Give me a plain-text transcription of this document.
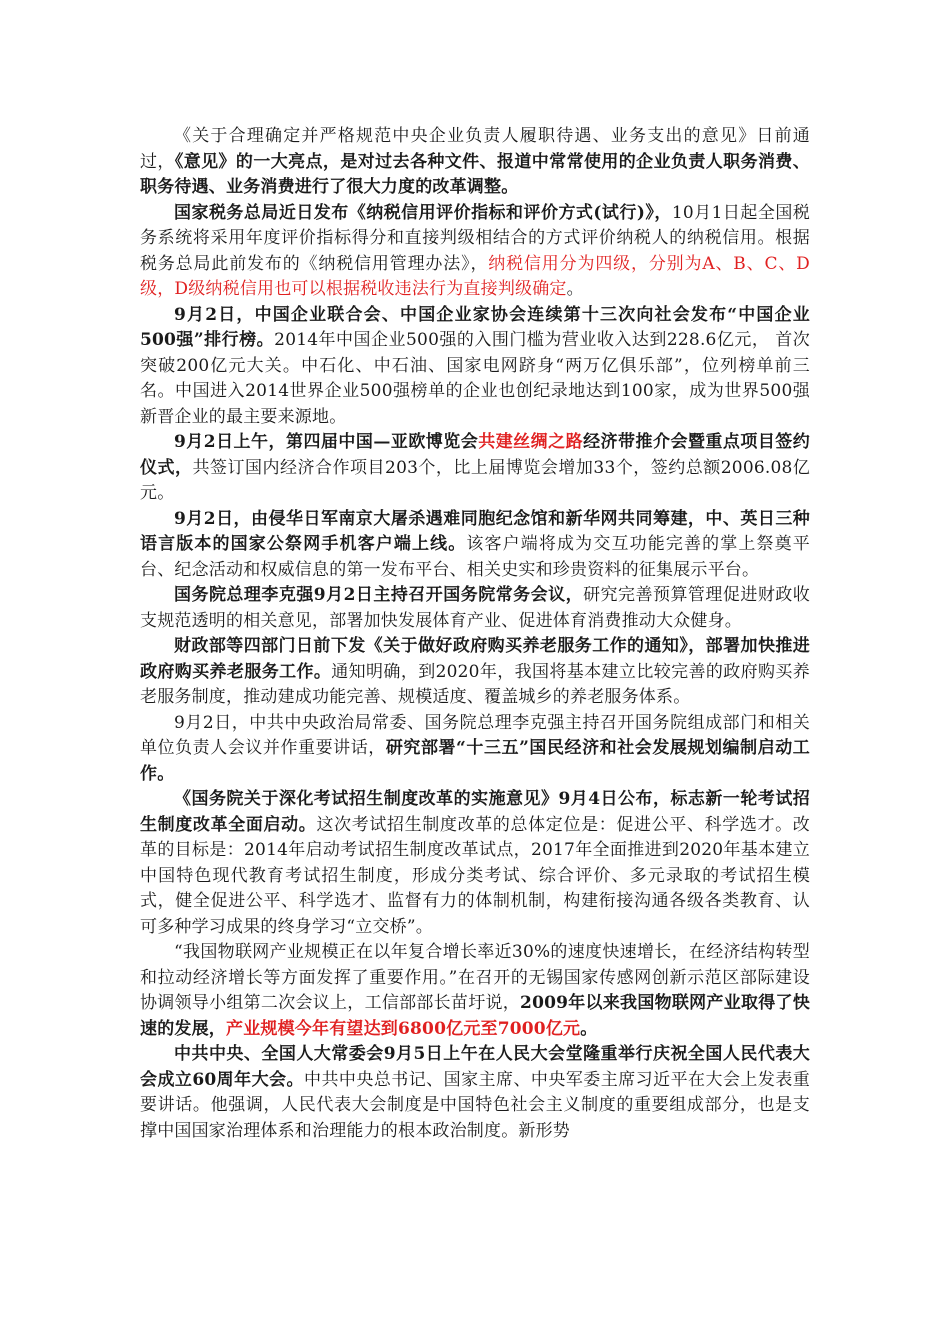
《关于合理确定并严格规范中央企业负责人履职待遇、业务支出的意见》日前通过，《意见》的一大亮点，是对过去各种文件、报道中常常使用的企业负责人职务消费、职务待遇、业务消费进行了很大力度的改革调整。

国家税务总局近日发布《纳税信用评价指标和评价方式(试行)》，10月1日起全国税务系统将采用年度评价指标得分和直接判级相结合的方式评价纳税人的纳税信用。根据税务总局此前发布的《纳税信用管理办法》，纳税信用分为四级，分别为A、B、C、D级，D级纳税信用也可以根据税收违法行为直接判级确定。

9月2日，中国企业联合会、中国企业家协会连续第十三次向社会发布“中国企业500强”排行榜。2014年中国企业500强的入围门槛为营业收入达到228.6亿元， 首次突破200亿元大关。中石化、中石油、国家电网跻身“两万亿俱乐部”，位列榜单前三名。中国进入2014世界企业500强榜单的企业也创纪录地达到100家，成为世界500强新晋企业的最主要来源地。

9月2日上午，第四届中国—亚欧博览会共建丝绸之路经济带推介会暨重点项目签约仪式，共签订国内经济合作项目203个，比上届博览会增加33个，签约总额2006.08亿元。

9月2日，由侵华日军南京大屠杀遇难同胞纪念馆和新华网共同筹建，中、英日三种语言版本的国家公祭网手机客户端上线。该客户端将成为交互功能完善的掌上祭奠平台、纪念活动和权威信息的第一发布平台、相关史实和珍贵资料的征集展示平台。

国务院总理李克强9月2日主持召开国务院常务会议，研究完善预算管理促进财政收支规范透明的相关意见，部署加快发展体育产业、促进体育消费推动大众健身。

财政部等四部门日前下发《关于做好政府购买养老服务工作的通知》，部署加快推进政府购买养老服务工作。通知明确，到2020年，我国将基本建立比较完善的政府购买养老服务制度，推动建成功能完善、规模适度、覆盖城乡的养老服务体系。

9月2日，中共中央政治局常委、国务院总理李克强主持召开国务院组成部门和相关单位负责人会议并作重要讲话，研究部署“十三五”国民经济和社会发展规划编制启动工作。

《国务院关于深化考试招生制度改革的实施意见》9月4日公布，标志新一轮考试招生制度改革全面启动。这次考试招生制度改革的总体定位是：促进公平、科学选才。改革的目标是：2014年启动考试招生制度改革试点，2017年全面推进到2020年基本建立中国特色现代教育考试招生制度，形成分类考试、综合评价、多元录取的考试招生模式，健全促进公平、科学选才、监督有力的体制机制，构建衔接沟通各级各类教育、认可多种学习成果的终身学习“立交桥”。

“我国物联网产业规模正在以年复合增长率近30%的速度快速增长，在经济结构转型和拉动经济增长等方面发挥了重要作用。”在召开的无锡国家传感网创新示范区部际建设协调领导小组第二次会议上，工信部部长苗圩说，2009年以来我国物联网产业取得了快速的发展，产业规模今年有望达到6800亿元至7000亿元。

中共中央、全国人大常委会9月5日上午在人民大会堂隆重举行庆祝全国人民代表大会成立60周年大会。中共中央总书记、国家主席、中央军委主席习近平在大会上发表重要讲话。他强调，人民代表大会制度是中国特色社会主义制度的重要组成部分，也是支撑中国国家治理体系和治理能力的根本政治制度。新形势
